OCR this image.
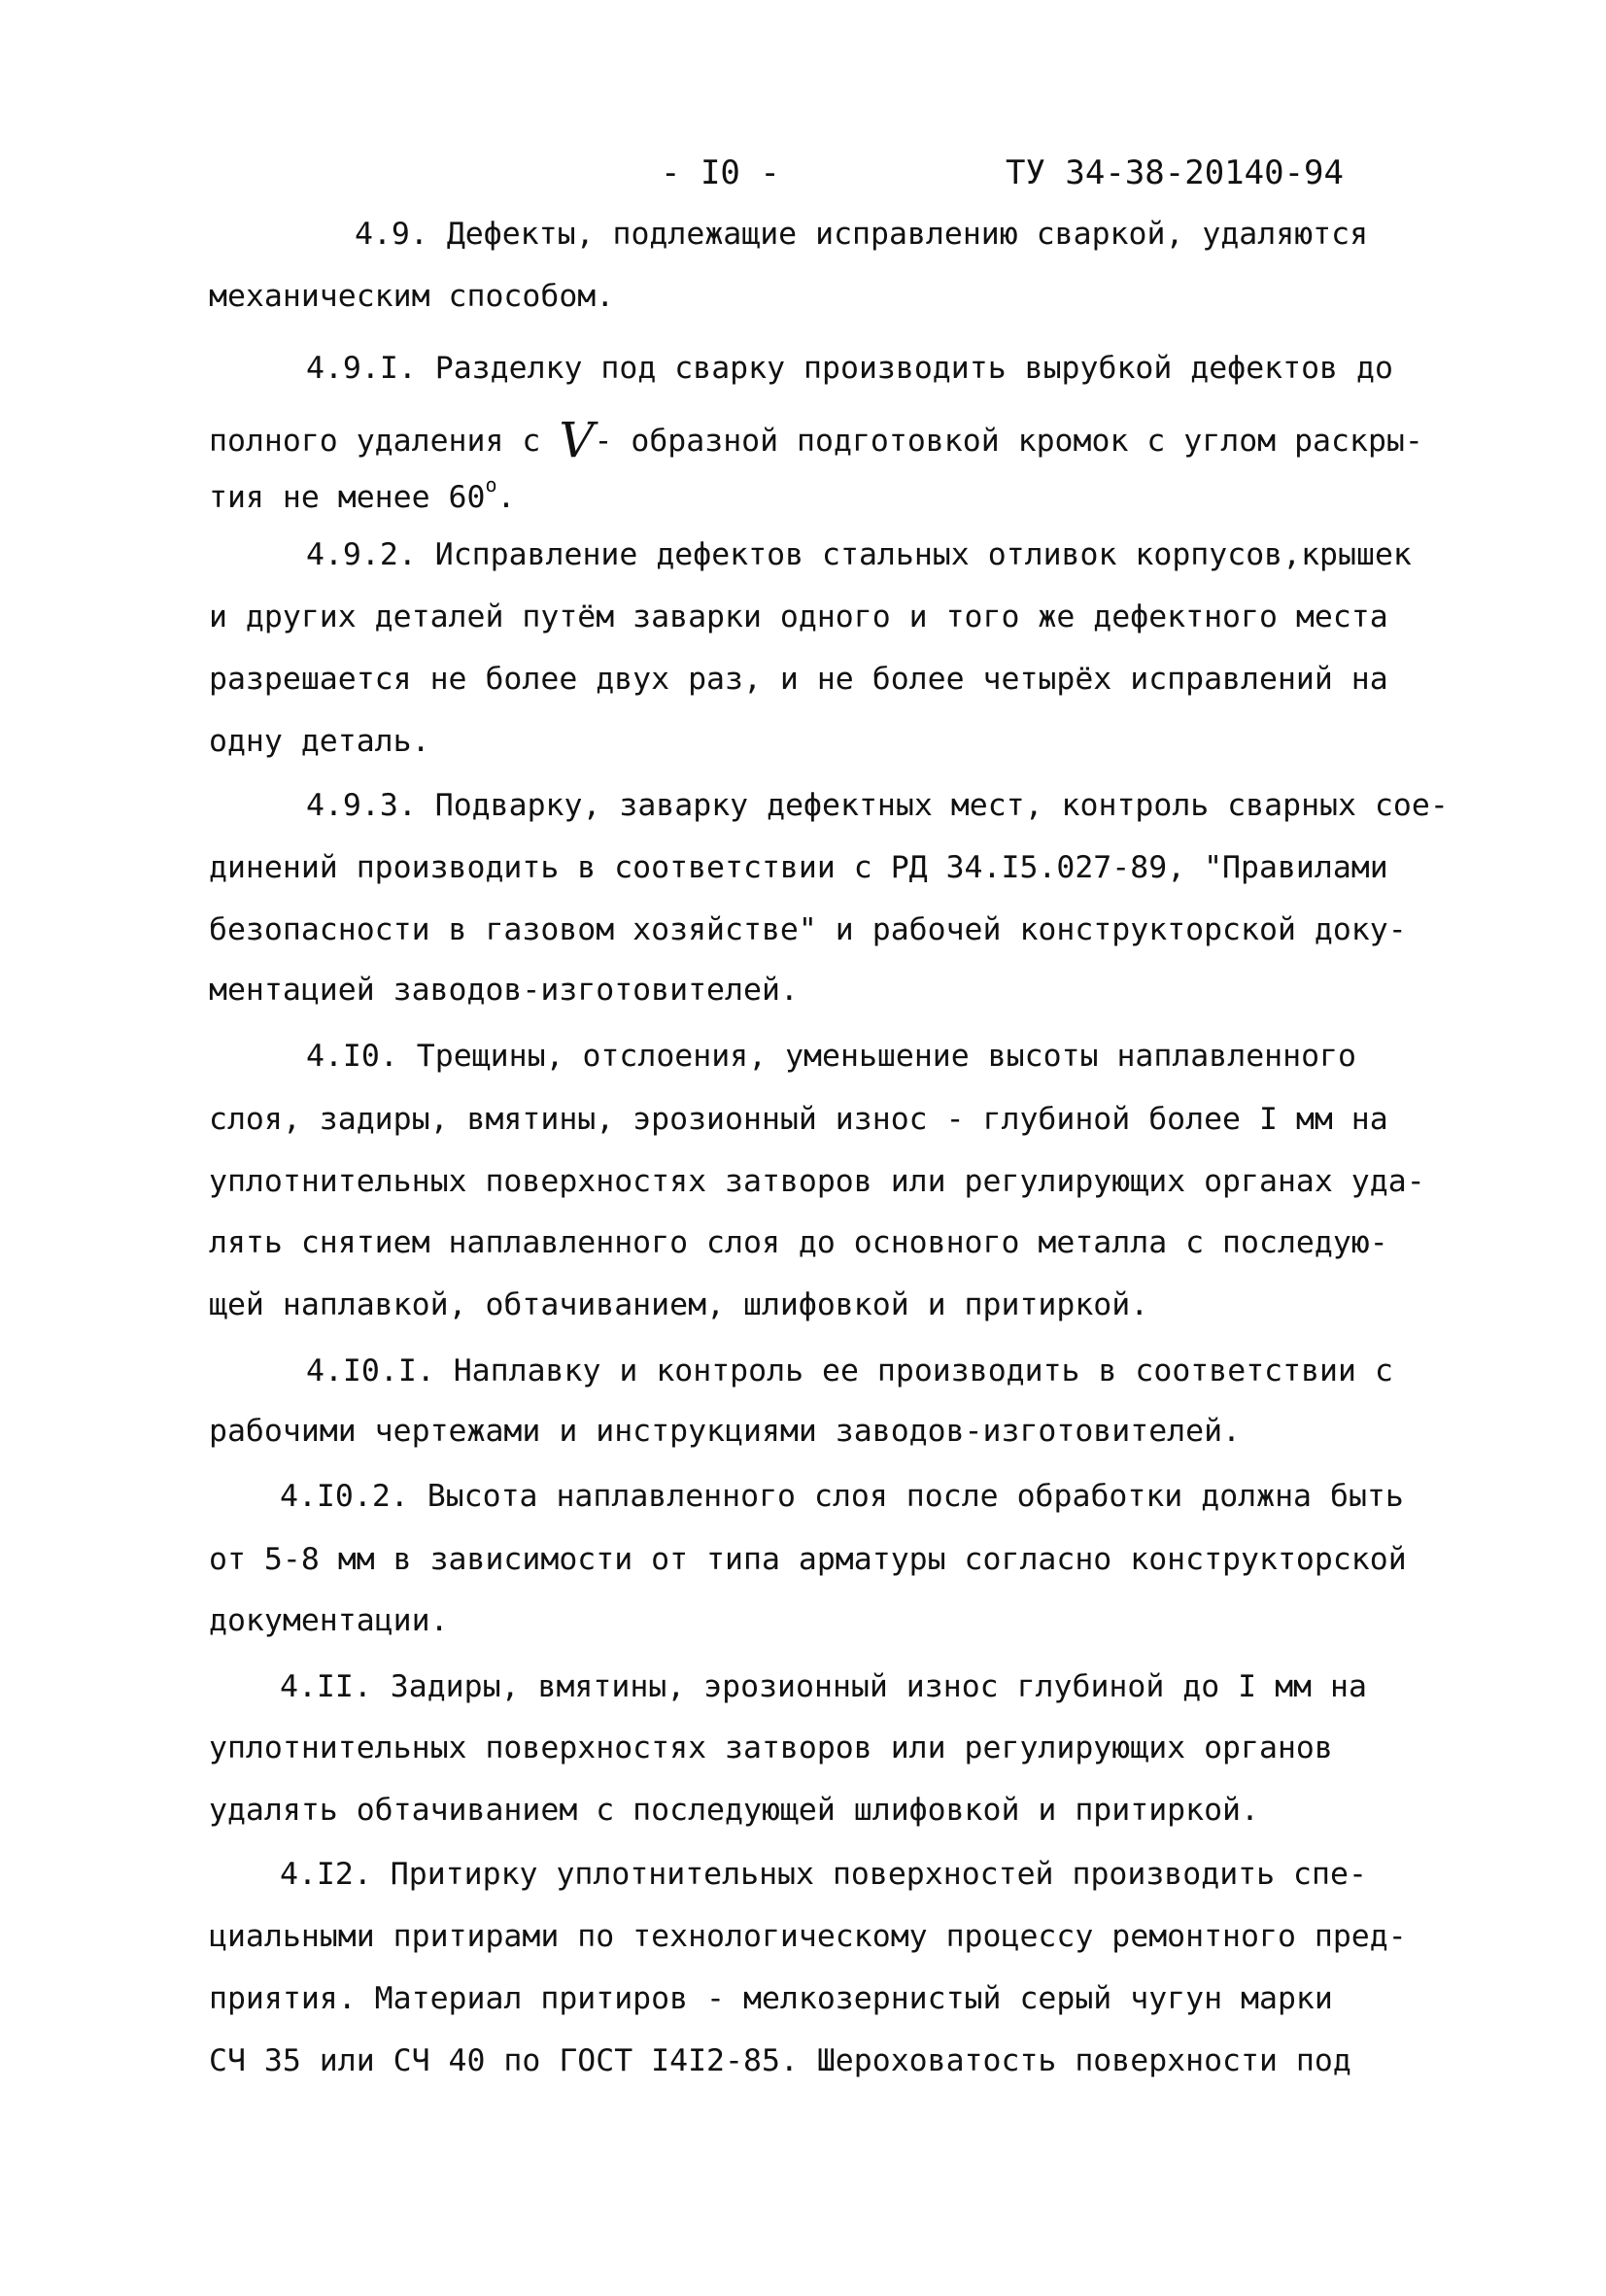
- I0 -	ТУ 34-38-20140-94
4.9. Дефекты, подлежащие исправлению сваркой, удаляются
механическим способом.
4.9.I. Разделку под сварку производить вырубкой дефектов до
полного удаления с V- образной подготовкой кромок с углом раскры-
тия не менее $60^о$.
4.9.2. Исправление дефектов стальных отливок корпусов,крышек
и других деталей путём заварки одного и того же дефектного места
разрешается не более двух раз, и не более четырёх исправлений на
одну деталь.
4.9.3. Подварку, заварку дефектных мест, контроль сварных сое-
динений производить в соответствии с РД 34.I5.027-89, "Правилами
безопасности в газовом хозяйстве" и рабочей конструкторской доку-
ментацией заводов-изготовителей.
4.I0. Трещины, отслоения, уменьшение высоты наплавленного
слоя, задиры, вмятины, эрозионный износ - глубиной более I мм на
уплотнительных поверхностях затворов или регулирующих органах уда-
лять снятием наплавленного слоя до основного металла с последую-
щей наплавкой, обтачиванием, шлифовкой и притиркой.
4.I0.I. Наплавку и контроль ее производить в соответствии с
рабочими чертежами и инструкциями заводов-изготовителей.
4.I0.2. Высота наплавленного слоя после обработки должна быть
от 5-8 мм в зависимости от типа арматуры согласно конструкторской
документации.
4.II. Задиры, вмятины, эрозионный износ глубиной до I мм на
уплотнительных поверхностях затворов или регулирующих органов
удалять обтачиванием с последующей шлифовкой и притиркой.
4.I2. Притирку уплотнительных поверхностей производить спе-
циальными притирами по технологическому процессу ремонтного пред-
приятия. Материал притиров - мелкозернистый серый чугун марки
СЧ 35 или СЧ 40 по ГОСТ I4I2-85. Шероховатость поверхности под
